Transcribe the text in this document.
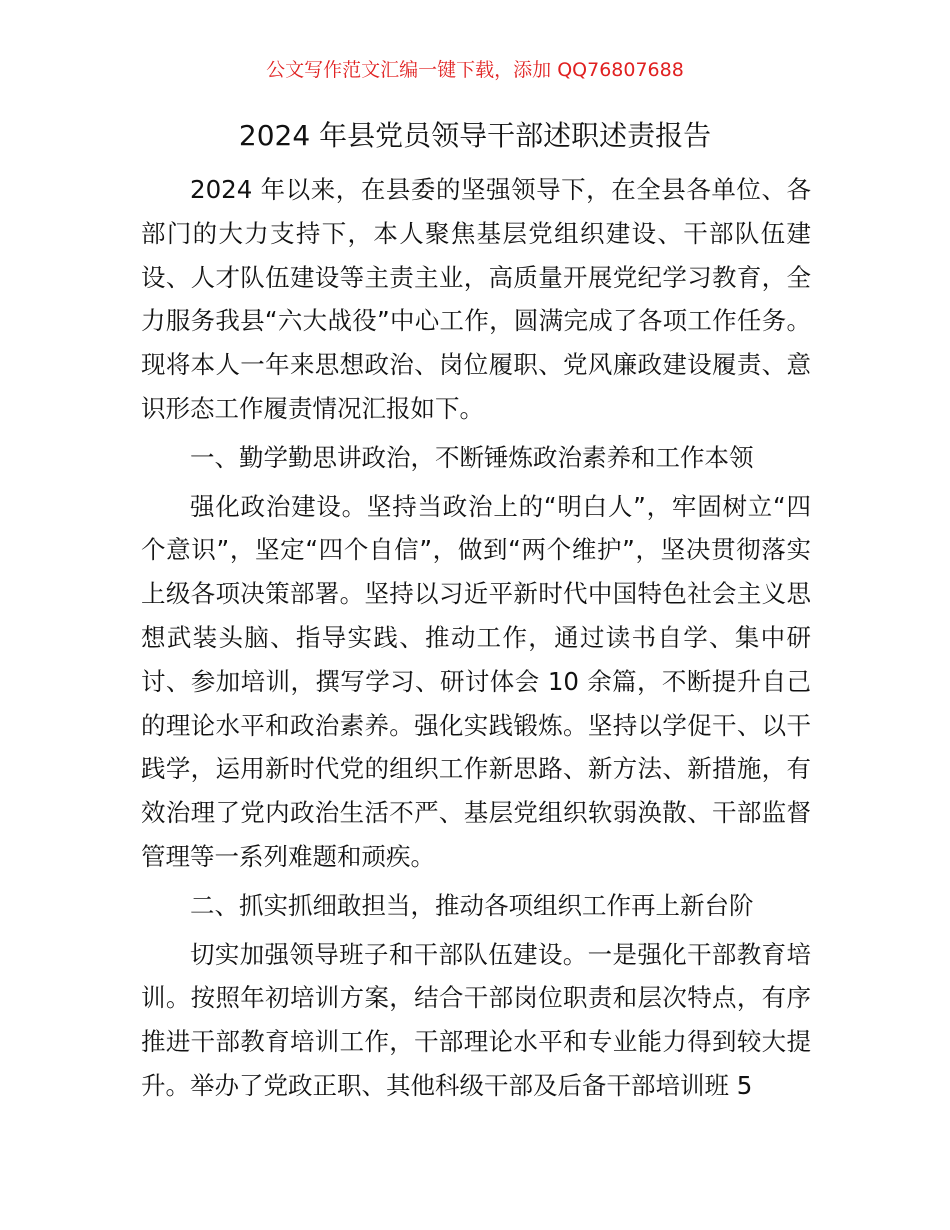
公文写作范文汇编一键下载，添加 QQ76807688
2024 年县党员领导干部述职述责报告

2024 年以来，在县委的坚强领导下，在全县各单位、各部门的大力支持下，本人聚焦基层党组织建设、干部队伍建设、人才队伍建设等主责主业，高质量开展党纪学习教育，全力服务我县“六大战役”中心工作，圆满完成了各项工作任务。现将本人一年来思想政治、岗位履职、党风廉政建设履责、意识形态工作履责情况汇报如下。

一、勤学勤思讲政治，不断锤炼政治素养和工作本领

强化政治建设。坚持当政治上的“明白人”，牢固树立“四个意识”，坚定“四个自信”，做到“两个维护”，坚决贯彻落实上级各项决策部署。坚持以习近平新时代中国特色社会主义思想武装头脑、指导实践、推动工作，通过读书自学、集中研讨、参加培训，撰写学习、研讨体会 10 余篇，不断提升自己的理论水平和政治素养。强化实践锻炼。坚持以学促干、以干践学，运用新时代党的组织工作新思路、新方法、新措施，有效治理了党内政治生活不严、基层党组织软弱涣散、干部监督管理等一系列难题和顽疾。

二、抓实抓细敢担当，推动各项组织工作再上新台阶

切实加强领导班子和干部队伍建设。一是强化干部教育培训。按照年初培训方案，结合干部岗位职责和层次特点，有序推进干部教育培训工作，干部理论水平和专业能力得到较大提升。举办了党政正职、其他科级干部及后备干部培训班 5
